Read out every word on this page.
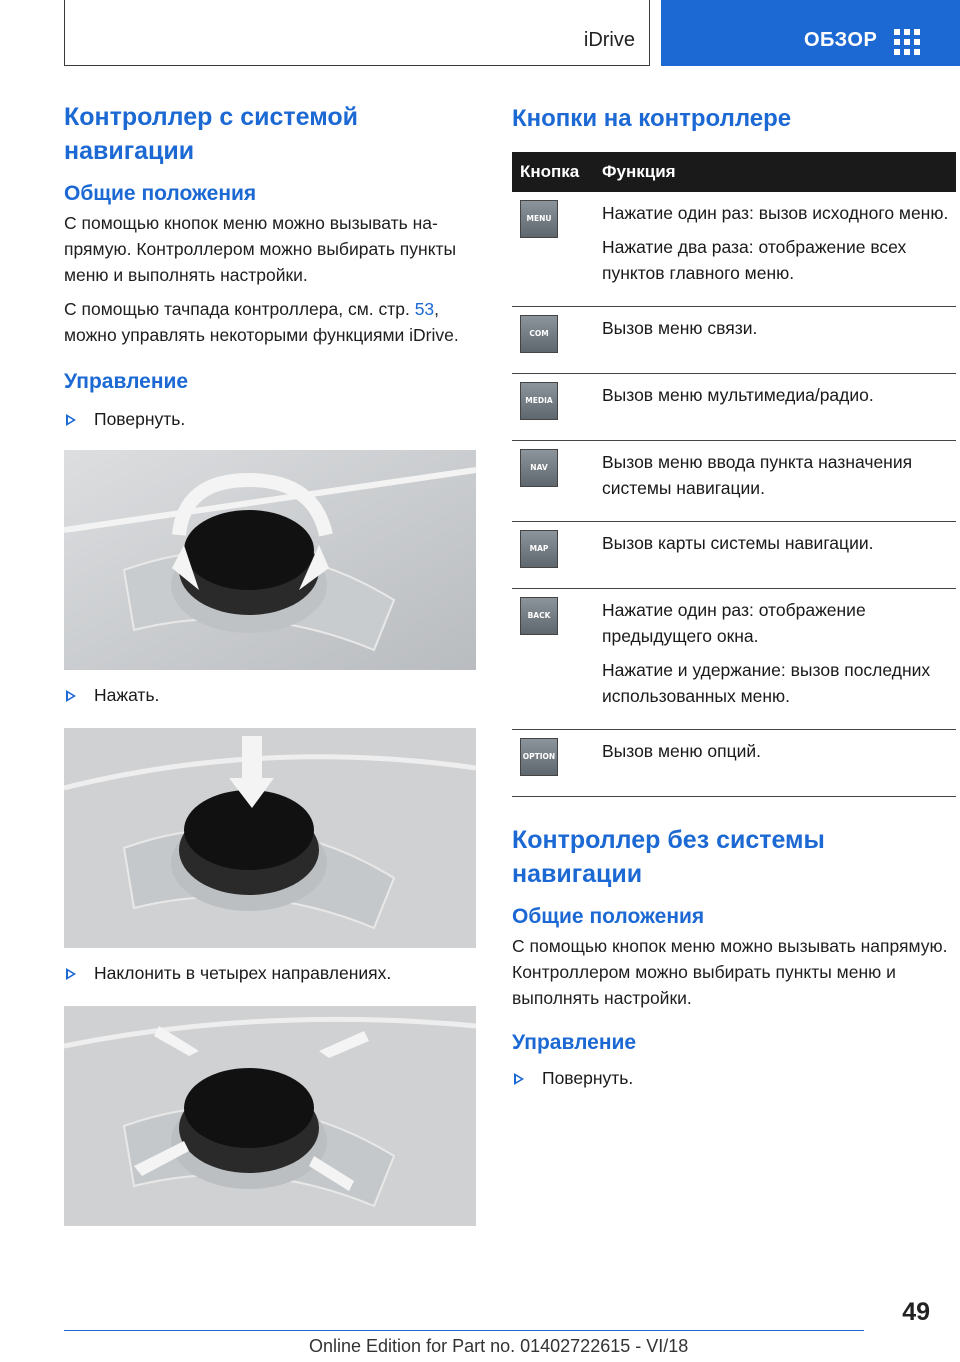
iDrive	ОБЗОР
Контроллер с системой навигации
Общие положения

С помощью кнопок меню можно вызывать напрямую. Контроллером можно выбирать пункты меню и выполнять настройки.

С помощью тачпада контроллера, см. стр. 53, можно управлять некоторыми функциями iDrive.

Управление
Повернуть.
Нажать.
Наклонить в четырех направлениях.
Кнопки на контроллере
Кнопка	Функция

MENU	Нажатие один раз: вызов исходного меню.
Нажатие два раза: отображение всех пунктов главного меню.

COM	Вызов меню связи.

MEDIA	Вызов меню мультимедиа/радио.

NAV	Вызов меню ввода пункта назначения системы навигации.

MAP	Вызов карты системы навигации.

BACK	Нажатие один раз: отображение предыдущего окна.
Нажатие и удержание: вызов последних использованных меню.

OPTION	Вызов меню опций.
Контроллер без системы навигации
Общие положения

С помощью кнопок меню можно вызывать напрямую. Контроллером можно выбирать пункты меню и выполнять настройки.

Управление
Повернуть.
49
Online Edition for Part no. 01402722615 - VI/18
